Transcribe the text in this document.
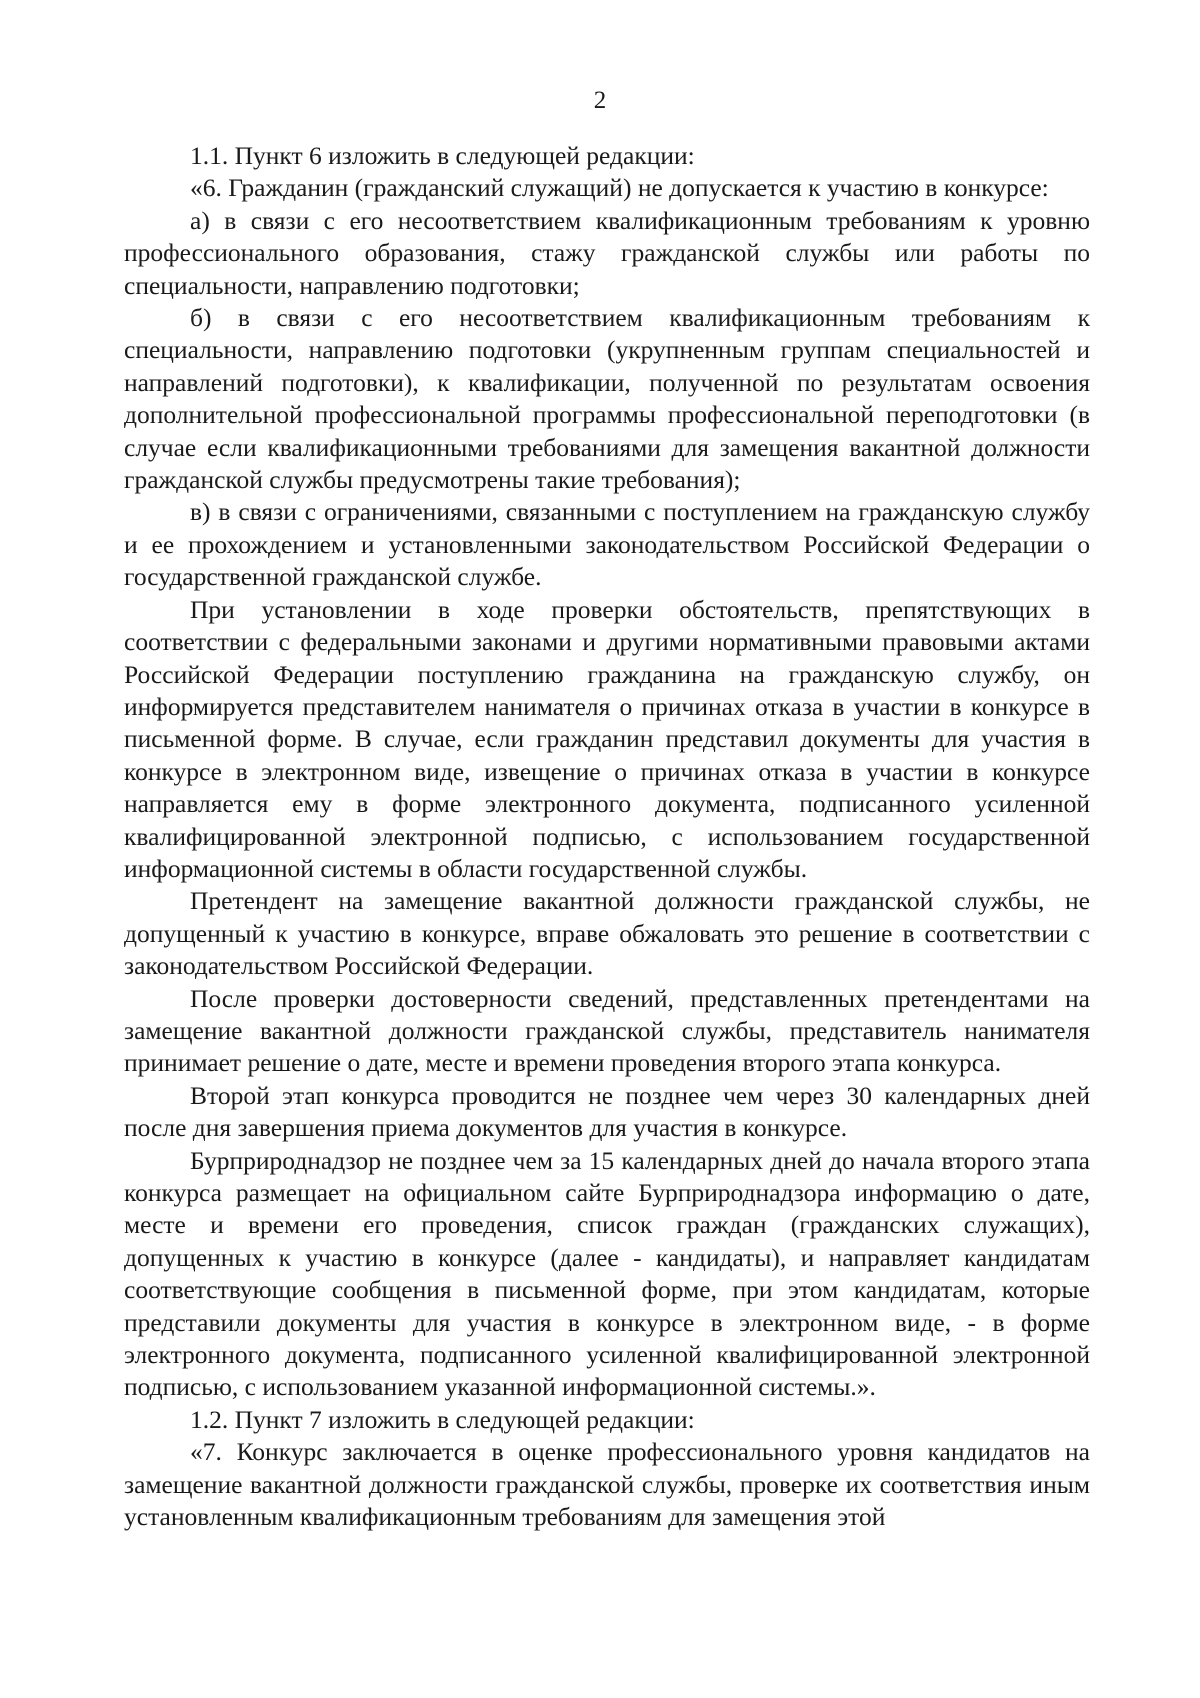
2

1.1. Пункт 6 изложить в следующей редакции:

«6. Гражданин (гражданский служащий) не допускается к участию в конкурсе:

а) в связи с его несоответствием квалификационным требованиям к уровню профессионального образования, стажу гражданской службы или работы по специальности, направлению подготовки;

б) в связи с его несоответствием квалификационным требованиям к специальности, направлению подготовки (укрупненным группам специальностей и направлений подготовки), к квалификации, полученной по результатам освоения дополнительной профессиональной программы профессиональной переподготовки (в случае если квалификационными требованиями для замещения вакантной должности гражданской службы предусмотрены такие требования);

в) в связи с ограничениями, связанными с поступлением на гражданскую службу и ее прохождением и установленными законодательством Российской Федерации о государственной гражданской службе.

При установлении в ходе проверки обстоятельств, препятствующих в соответствии с федеральными законами и другими нормативными правовыми актами Российской Федерации поступлению гражданина на гражданскую службу, он информируется представителем нанимателя о причинах отказа в участии в конкурсе в письменной форме. В случае, если гражданин представил документы для участия в конкурсе в электронном виде, извещение о причинах отказа в участии в конкурсе направляется ему в форме электронного документа, подписанного усиленной квалифицированной электронной подписью, с использованием государственной информационной системы в области государственной службы.

Претендент на замещение вакантной должности гражданской службы, не допущенный к участию в конкурсе, вправе обжаловать это решение в соответствии с законодательством Российской Федерации.

После проверки достоверности сведений, представленных претендентами на замещение вакантной должности гражданской службы, представитель нанимателя принимает решение о дате, месте и времени проведения второго этапа конкурса.

Второй этап конкурса проводится не позднее чем через 30 календарных дней после дня завершения приема документов для участия в конкурсе.

Бурприроднадзор не позднее чем за 15 календарных дней до начала второго этапа конкурса размещает на официальном сайте Бурприроднадзора информацию о дате, месте и времени его проведения, список граждан (гражданских служащих), допущенных к участию в конкурсе (далее - кандидаты), и направляет кандидатам соответствующие сообщения в письменной форме, при этом кандидатам, которые представили документы для участия в конкурсе в электронном виде, - в форме электронного документа, подписанного усиленной квалифицированной электронной подписью, с использованием указанной информационной системы.».

1.2. Пункт 7 изложить в следующей редакции:

«7. Конкурс заключается в оценке профессионального уровня кандидатов на замещение вакантной должности гражданской службы, проверке их соответствия иным установленным квалификационным требованиям для замещения этой
